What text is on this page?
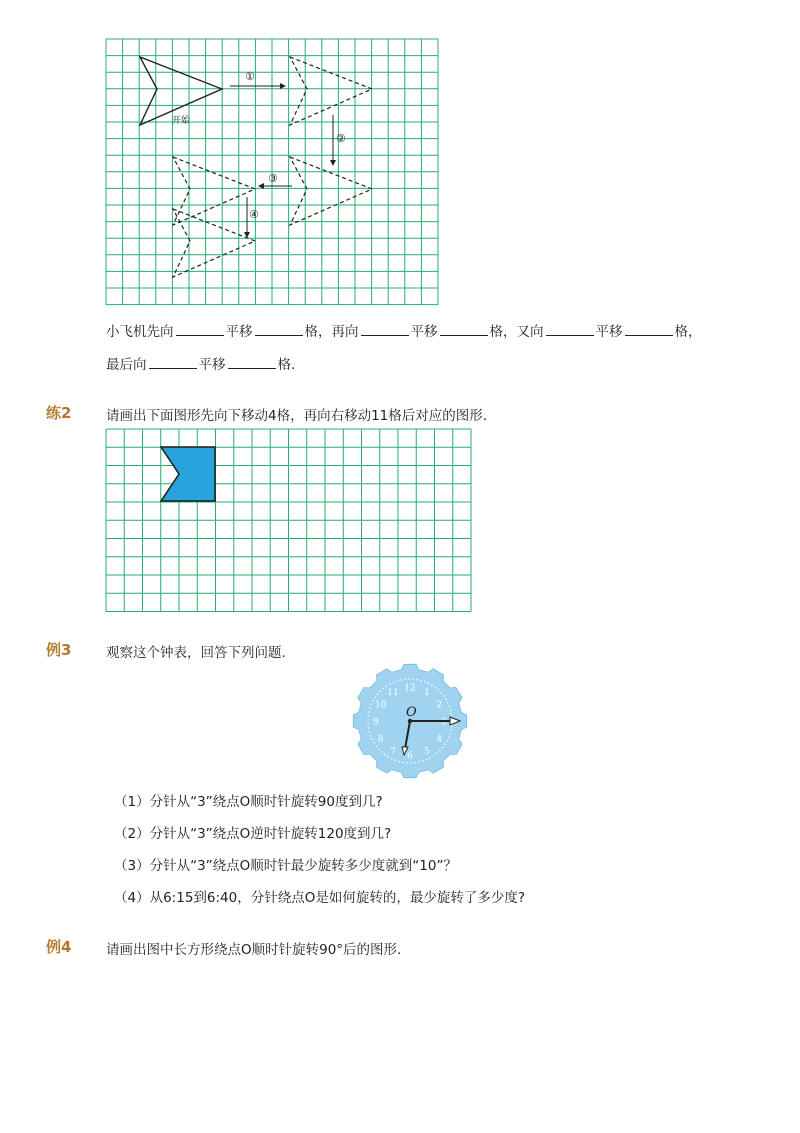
①
②
③
④
开始
小飞机先向	平移	格，再向	平移	格，又向	平移	格，
最后向	平移	格.
练2	请画出下面图形先向下移动4格，再向右移动11格后对应的图形.
例3	观察这个钟表，回答下列问题.
12 1
2
3
4
5
6
7
8
9
10
11
O
（1）分针从“3”绕点O顺时针旋转90度到几?
（2）分针从“3”绕点O逆时针旋转120度到几?
（3）分针从“3”绕点O顺时针最少旋转多少度就到“10”？
（4）从6:15到6:40，分针绕点O是如何旋转的，最少旋转了多少度?
例4	请画出图中长方形绕点O顺时针旋转90°后的图形.
